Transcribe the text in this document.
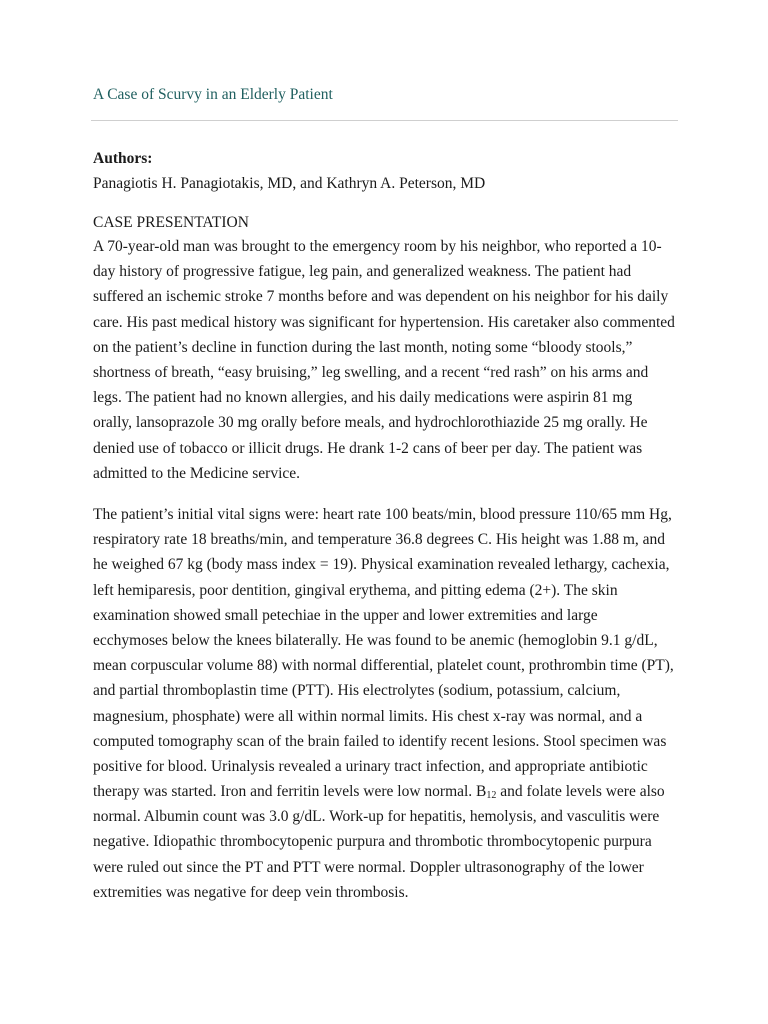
A Case of Scurvy in an Elderly Patient
Authors:
Panagiotis H. Panagiotakis, MD, and Kathryn A. Peterson, MD
CASE PRESENTATION
A 70-year-old man was brought to the emergency room by his neighbor, who reported a 10-
day history of progressive fatigue, leg pain, and generalized weakness. The patient had
suffered an ischemic stroke 7 months before and was dependent on his neighbor for his daily
care. His past medical history was significant for hypertension. His caretaker also commented
on the patient’s decline in function during the last month, noting some “bloody stools,”
shortness of breath, “easy bruising,” leg swelling, and a recent “red rash” on his arms and
legs. The patient had no known allergies, and his daily medications were aspirin 81 mg
orally, lansoprazole 30 mg orally before meals, and hydrochlorothiazide 25 mg orally. He
denied use of tobacco or illicit drugs. He drank 1-2 cans of beer per day. The patient was
admitted to the Medicine service.
The patient’s initial vital signs were: heart rate 100 beats/min, blood pressure 110/65 mm Hg,
respiratory rate 18 breaths/min, and temperature 36.8 degrees C. His height was 1.88 m, and
he weighed 67 kg (body mass index = 19). Physical examination revealed lethargy, cachexia,
left hemiparesis, poor dentition, gingival erythema, and pitting edema (2+). The skin
examination showed small petechiae in the upper and lower extremities and large
ecchymoses below the knees bilaterally. He was found to be anemic (hemoglobin 9.1 g/dL,
mean corpuscular volume 88) with normal differential, platelet count, prothrombin time (PT),
and partial thromboplastin time (PTT). His electrolytes (sodium, potassium, calcium,
magnesium, phosphate) were all within normal limits. His chest x-ray was normal, and a
computed tomography scan of the brain failed to identify recent lesions. Stool specimen was
positive for blood. Urinalysis revealed a urinary tract infection, and appropriate antibiotic
therapy was started. Iron and ferritin levels were low normal. $B_{12}$ and folate levels were also
normal. Albumin count was 3.0 g/dL. Work-up for hepatitis, hemolysis, and vasculitis were
negative. Idiopathic thrombocytopenic purpura and thrombotic thrombocytopenic purpura
were ruled out since the PT and PTT were normal. Doppler ultrasonography of the lower
extremities was negative for deep vein thrombosis.
